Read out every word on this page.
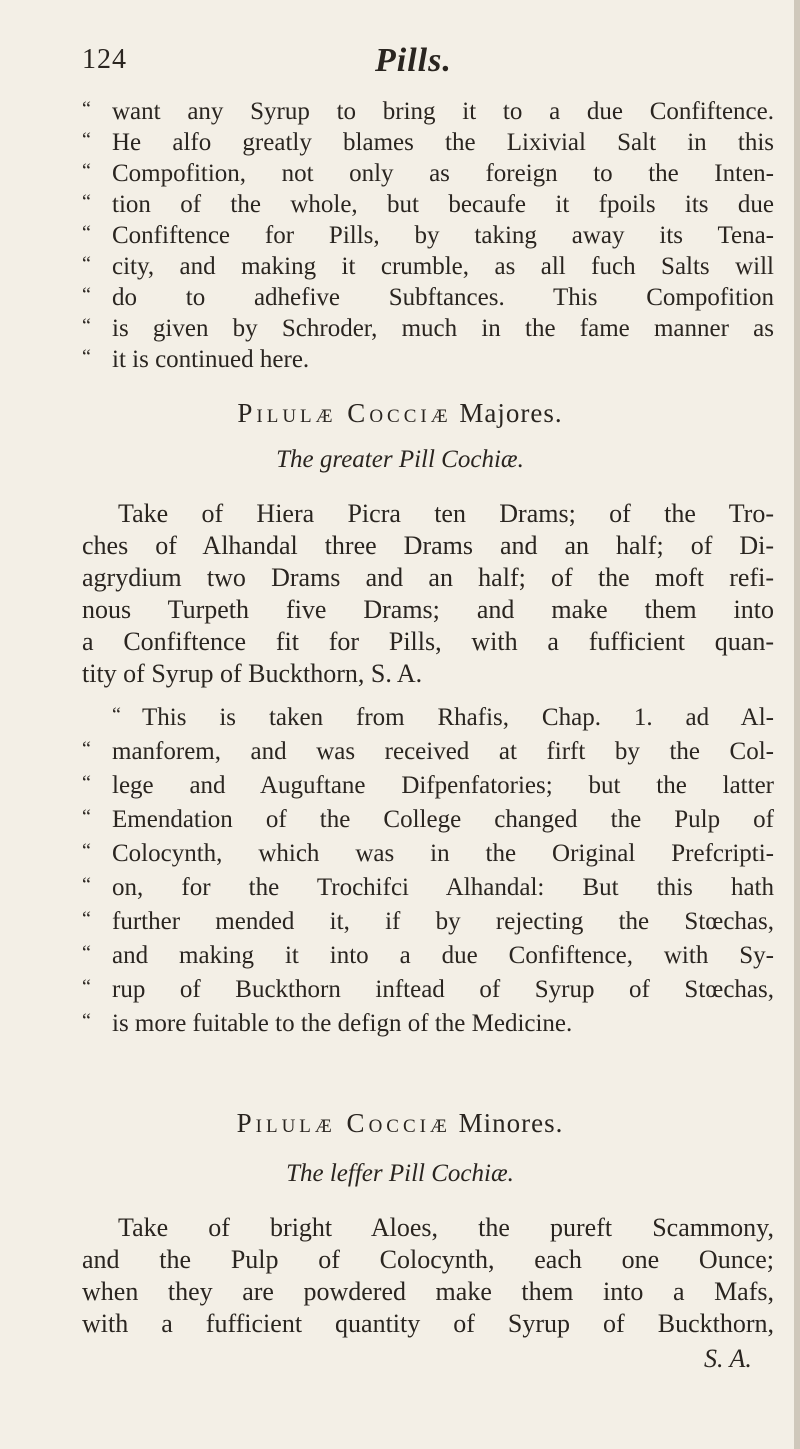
124	Pills.
“ want any Syrup to bring it to a due Confiftence.
“ He alfo greatly blames the Lixivial Salt in this
“ Compofition, not only as foreign to the Inten-
“ tion of the whole, but becaufe it fpoils its due
“ Confiftence for Pills, by taking away its Tena-
“ city, and making it crumble, as all fuch Salts will
“ do to adhefive Subftances. This Compofition
“ is given by Schroder, much in the fame manner as
“ it is continued here.
Pilulæ Cocciæ Majores.
The greater Pill Cochiæ.
Take of Hiera Picra ten Drams; of the Tro-
ches of Alhandal three Drams and an half; of Di-
agrydium two Drams and an half; of the moft refi-
nous Turpeth five Drams; and make them into
a Confiftence fit for Pills, with a fufficient quan-
tity of Syrup of Buckthorn, S. A.
“ This is taken from Rhafis, Chap. 1. ad Al-
“ manforem, and was received at firft by the Col-
“ lege and Auguftane Difpenfatories; but the latter
“ Emendation of the College changed the Pulp of
“ Colocynth, which was in the Original Prefcripti-
“ on, for the Trochifci Alhandal: But this hath
“ further mended it, if by rejecting the Stœchas,
“ and making it into a due Confiftence, with Sy-
“ rup of Buckthorn inftead of Syrup of Stœchas,
“ is more fuitable to the defign of the Medicine.
Pilulæ Cocciæ Minores.
The leffer Pill Cochiæ.
Take of bright Aloes, the pureft Scammony,
and the Pulp of Colocynth, each one Ounce;
when they are powdered make them into a Mafs,
with a fufficient quantity of Syrup of Buckthorn,
S. A.
